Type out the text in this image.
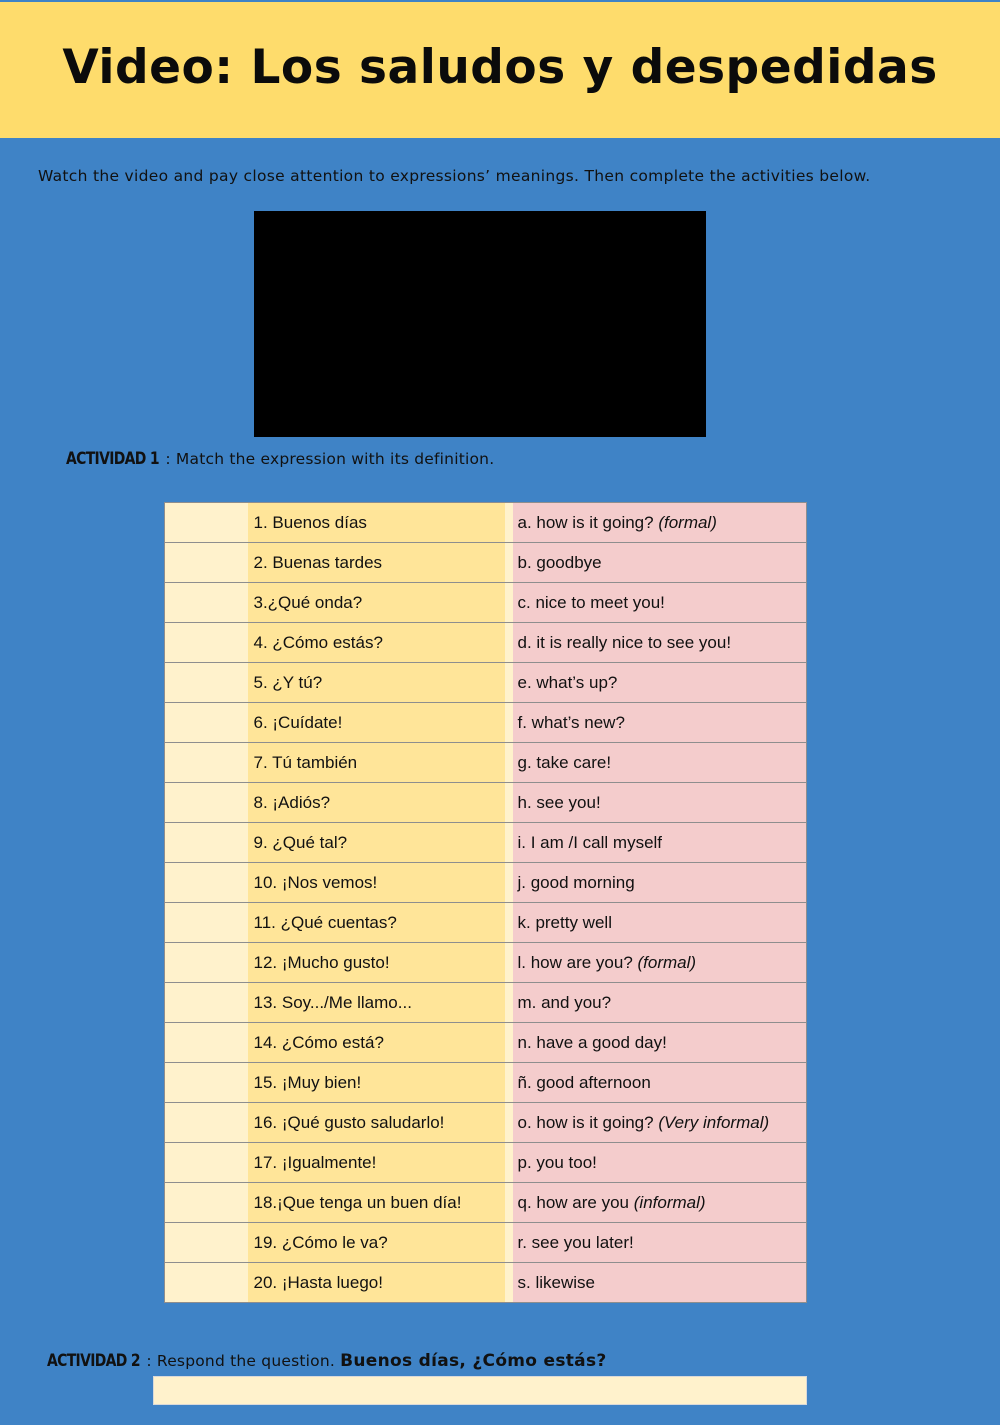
Video: Los saludos y despedidas
Watch the video and pay close attention to expressions’ meanings. Then complete the activities below.
ACTIVIDAD 1 : Match the expression with its definition.
	1. Buenos días		a. how is it going? (formal)
	2. Buenas tardes		b. goodbye
	3.¿Qué onda?		c. nice to meet you!
	4. ¿Cómo estás?		d. it is really nice to see you!
	5. ¿Y tú?		e. what’s up?
	6. ¡Cuídate!		f. what’s new?
	7. Tú también		g. take care!
	8. ¡Adiós?		h. see you!
	9. ¿Qué tal?		i. I am /I call myself
	10. ¡Nos vemos!		j. good morning
	11. ¿Qué cuentas?		k. pretty well
	12. ¡Mucho gusto!		l. how are you? (formal)
	13. Soy.../Me llamo...		m. and you?
	14. ¿Cómo está?		n. have a good day!
	15. ¡Muy bien!		ñ. good afternoon
	16. ¡Qué gusto saludarlo!		o. how is it going? (Very informal)
	17. ¡Igualmente!		p. you too!
	18.¡Que tenga un buen día!		q. how are you (informal)
	19. ¿Cómo le va?		r. see you later!
	20. ¡Hasta luego!		s. likewise
ACTIVIDAD 2 : Respond the question. Buenos días, ¿Cómo estás?
